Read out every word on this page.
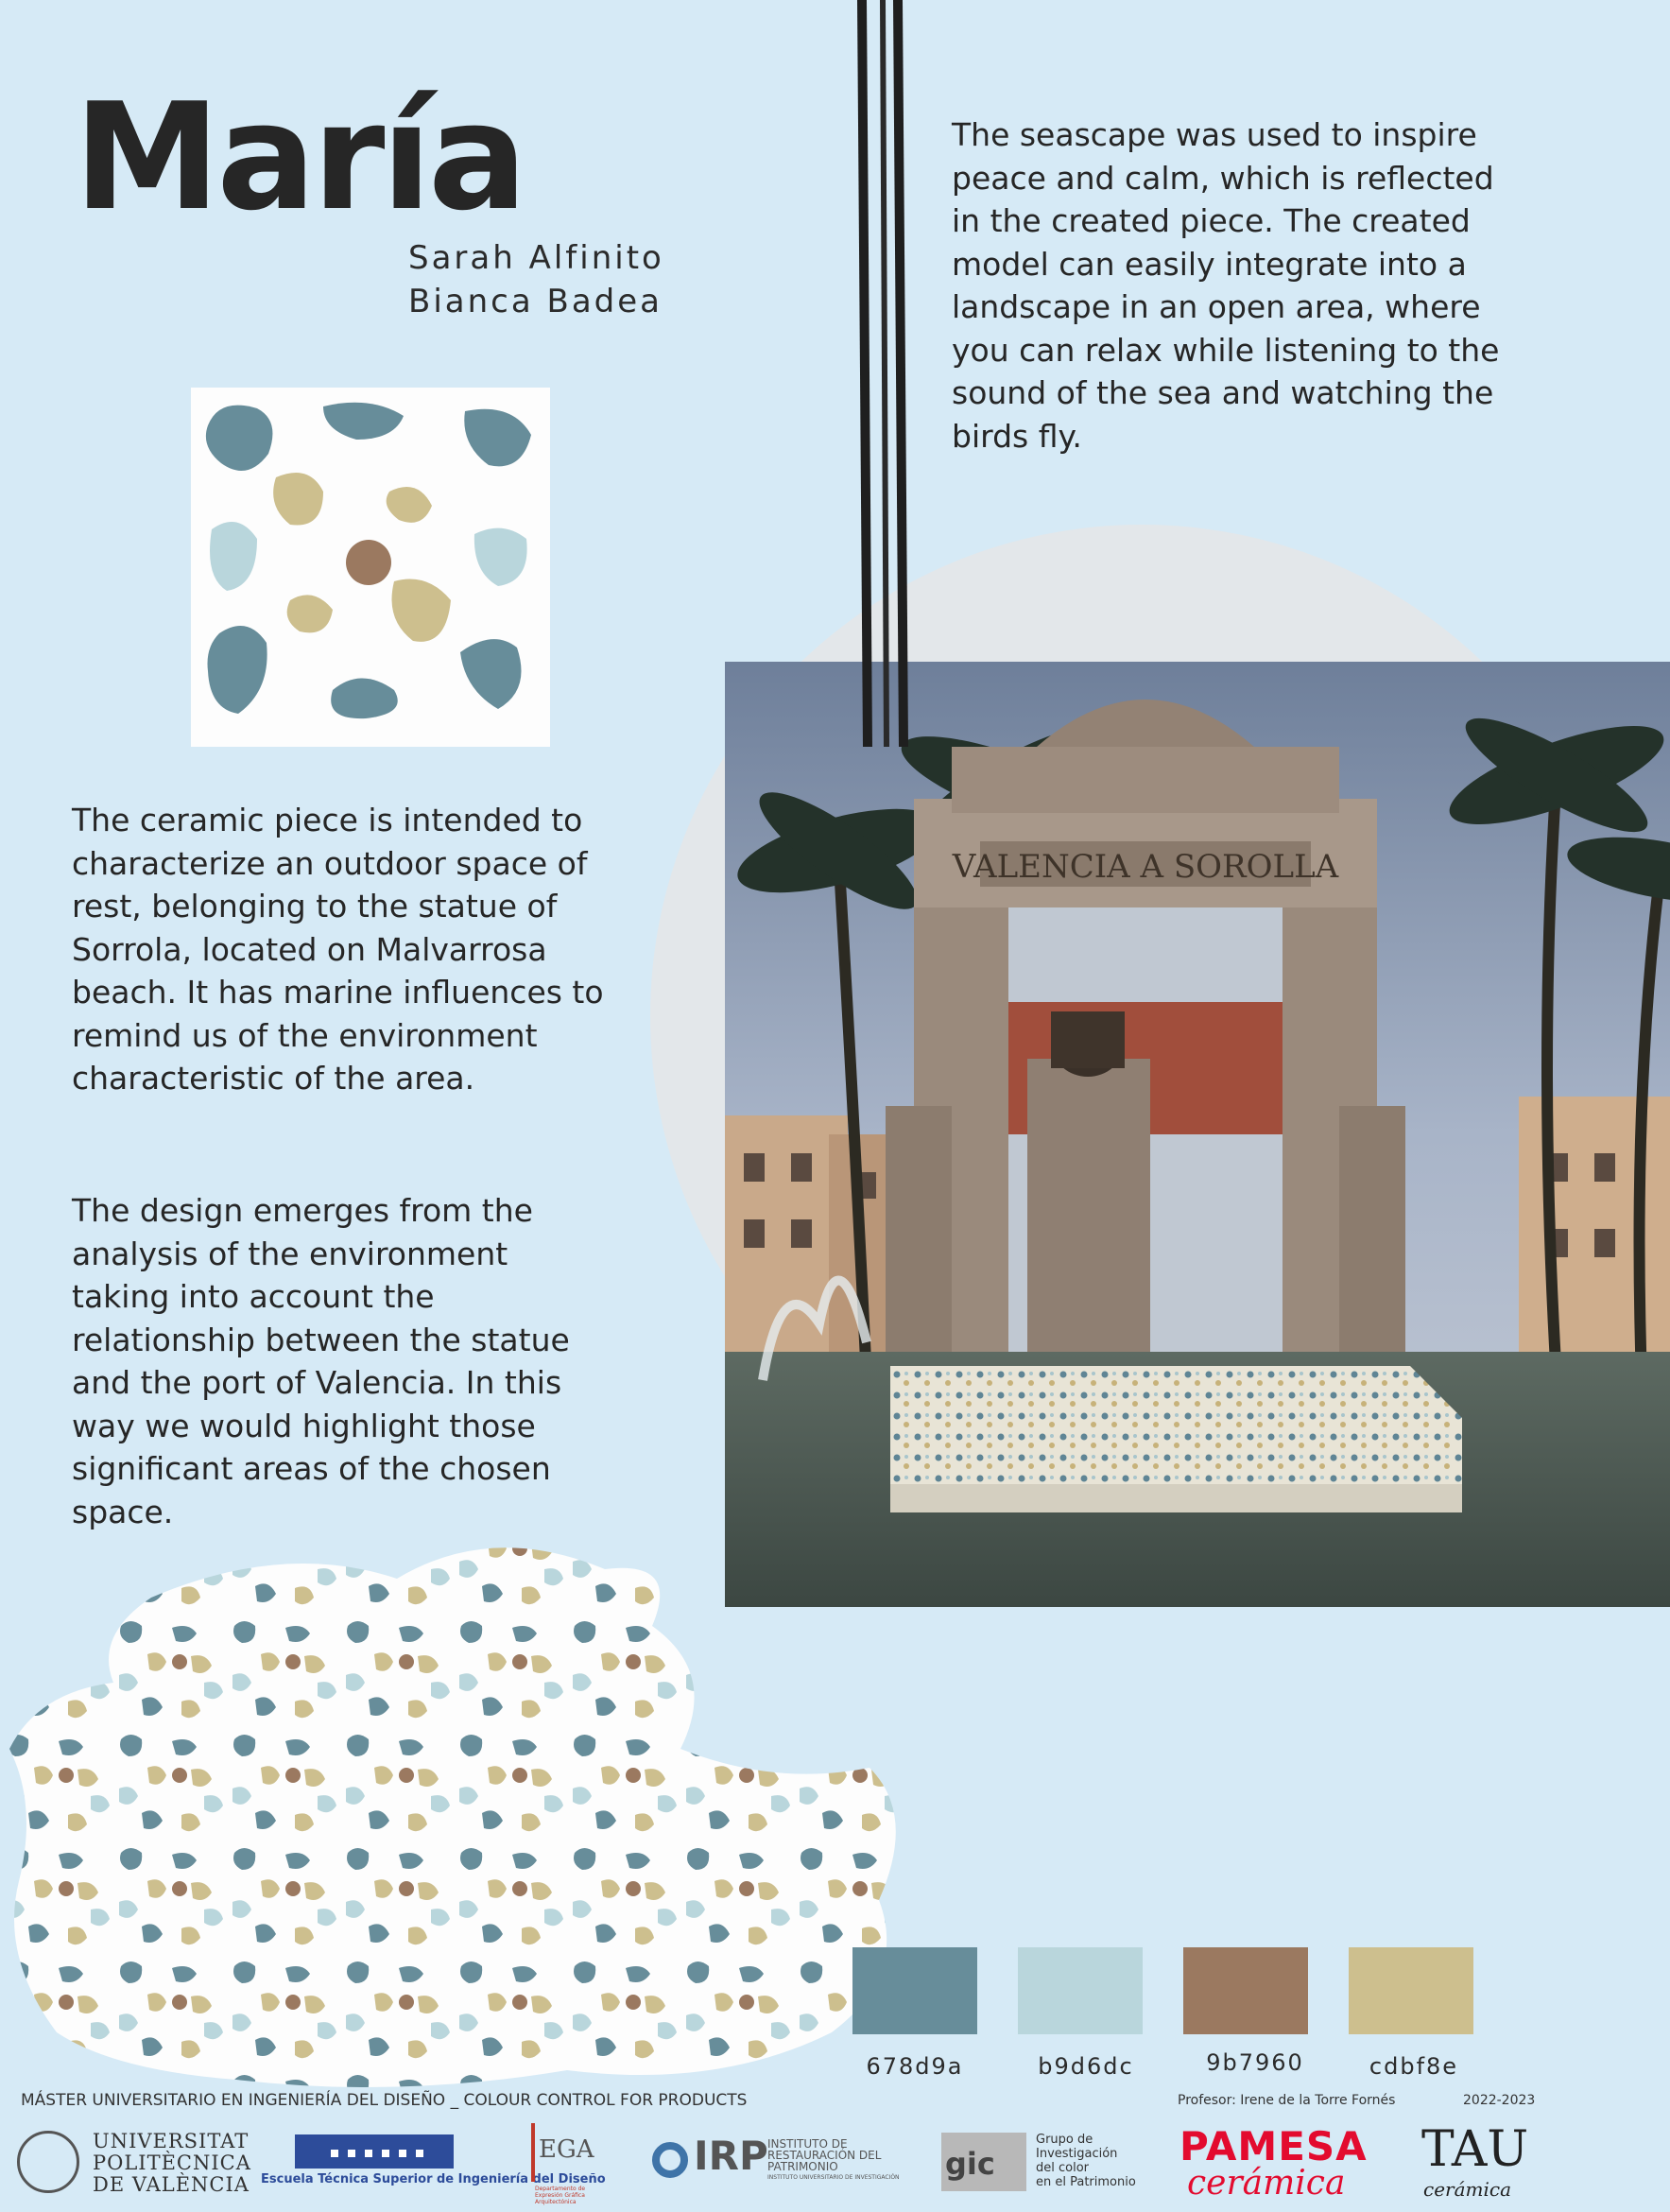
VALENCIA A SOROLLA
María
Sarah Alfinito
Bianca Badea
The seascape was used to inspire peace and calm, which is reflected in the created piece. The created model can easily integrate into a landscape in an open area, where you can relax while listening to the sound of the sea and watching the birds fly.
The ceramic piece is intended to characterize an outdoor space of rest, belonging to the statue of Sorrola, located on Malvarrosa beach. It has marine influences to remind us of the environment characteristic of the area.
The design emerges from the analysis of the environment taking into account the relationship between the statue and the port of Valencia. In this way we would highlight those significant areas of the chosen space.
678d9a	b9d6dc	9b7960	cdbf8e
MÁSTER UNIVERSITARIO EN INGENIERÍA DEL DISEÑO _ COLOUR CONTROL FOR PRODUCTS	Profesor: Irene de la Torre Fornés	2022-2023
UNIVERSITAT
POLITÈCNICA
DE VALÈNCIA Escuela Técnica Superior de Ingeniería del Diseño
EGA
Departamento de
Expresión Gráfica
Arquitectónica
IRP INSTITUTO DE
RESTAURACIÓN DEL
PATRIMONIO
INSTITUTO UNIVERSITARIO DE INVESTIGACIÓN gic
Grupo de
Investigación
del color
en el Patrimonio
PAMESA
cerámica
TAU
cerámica
